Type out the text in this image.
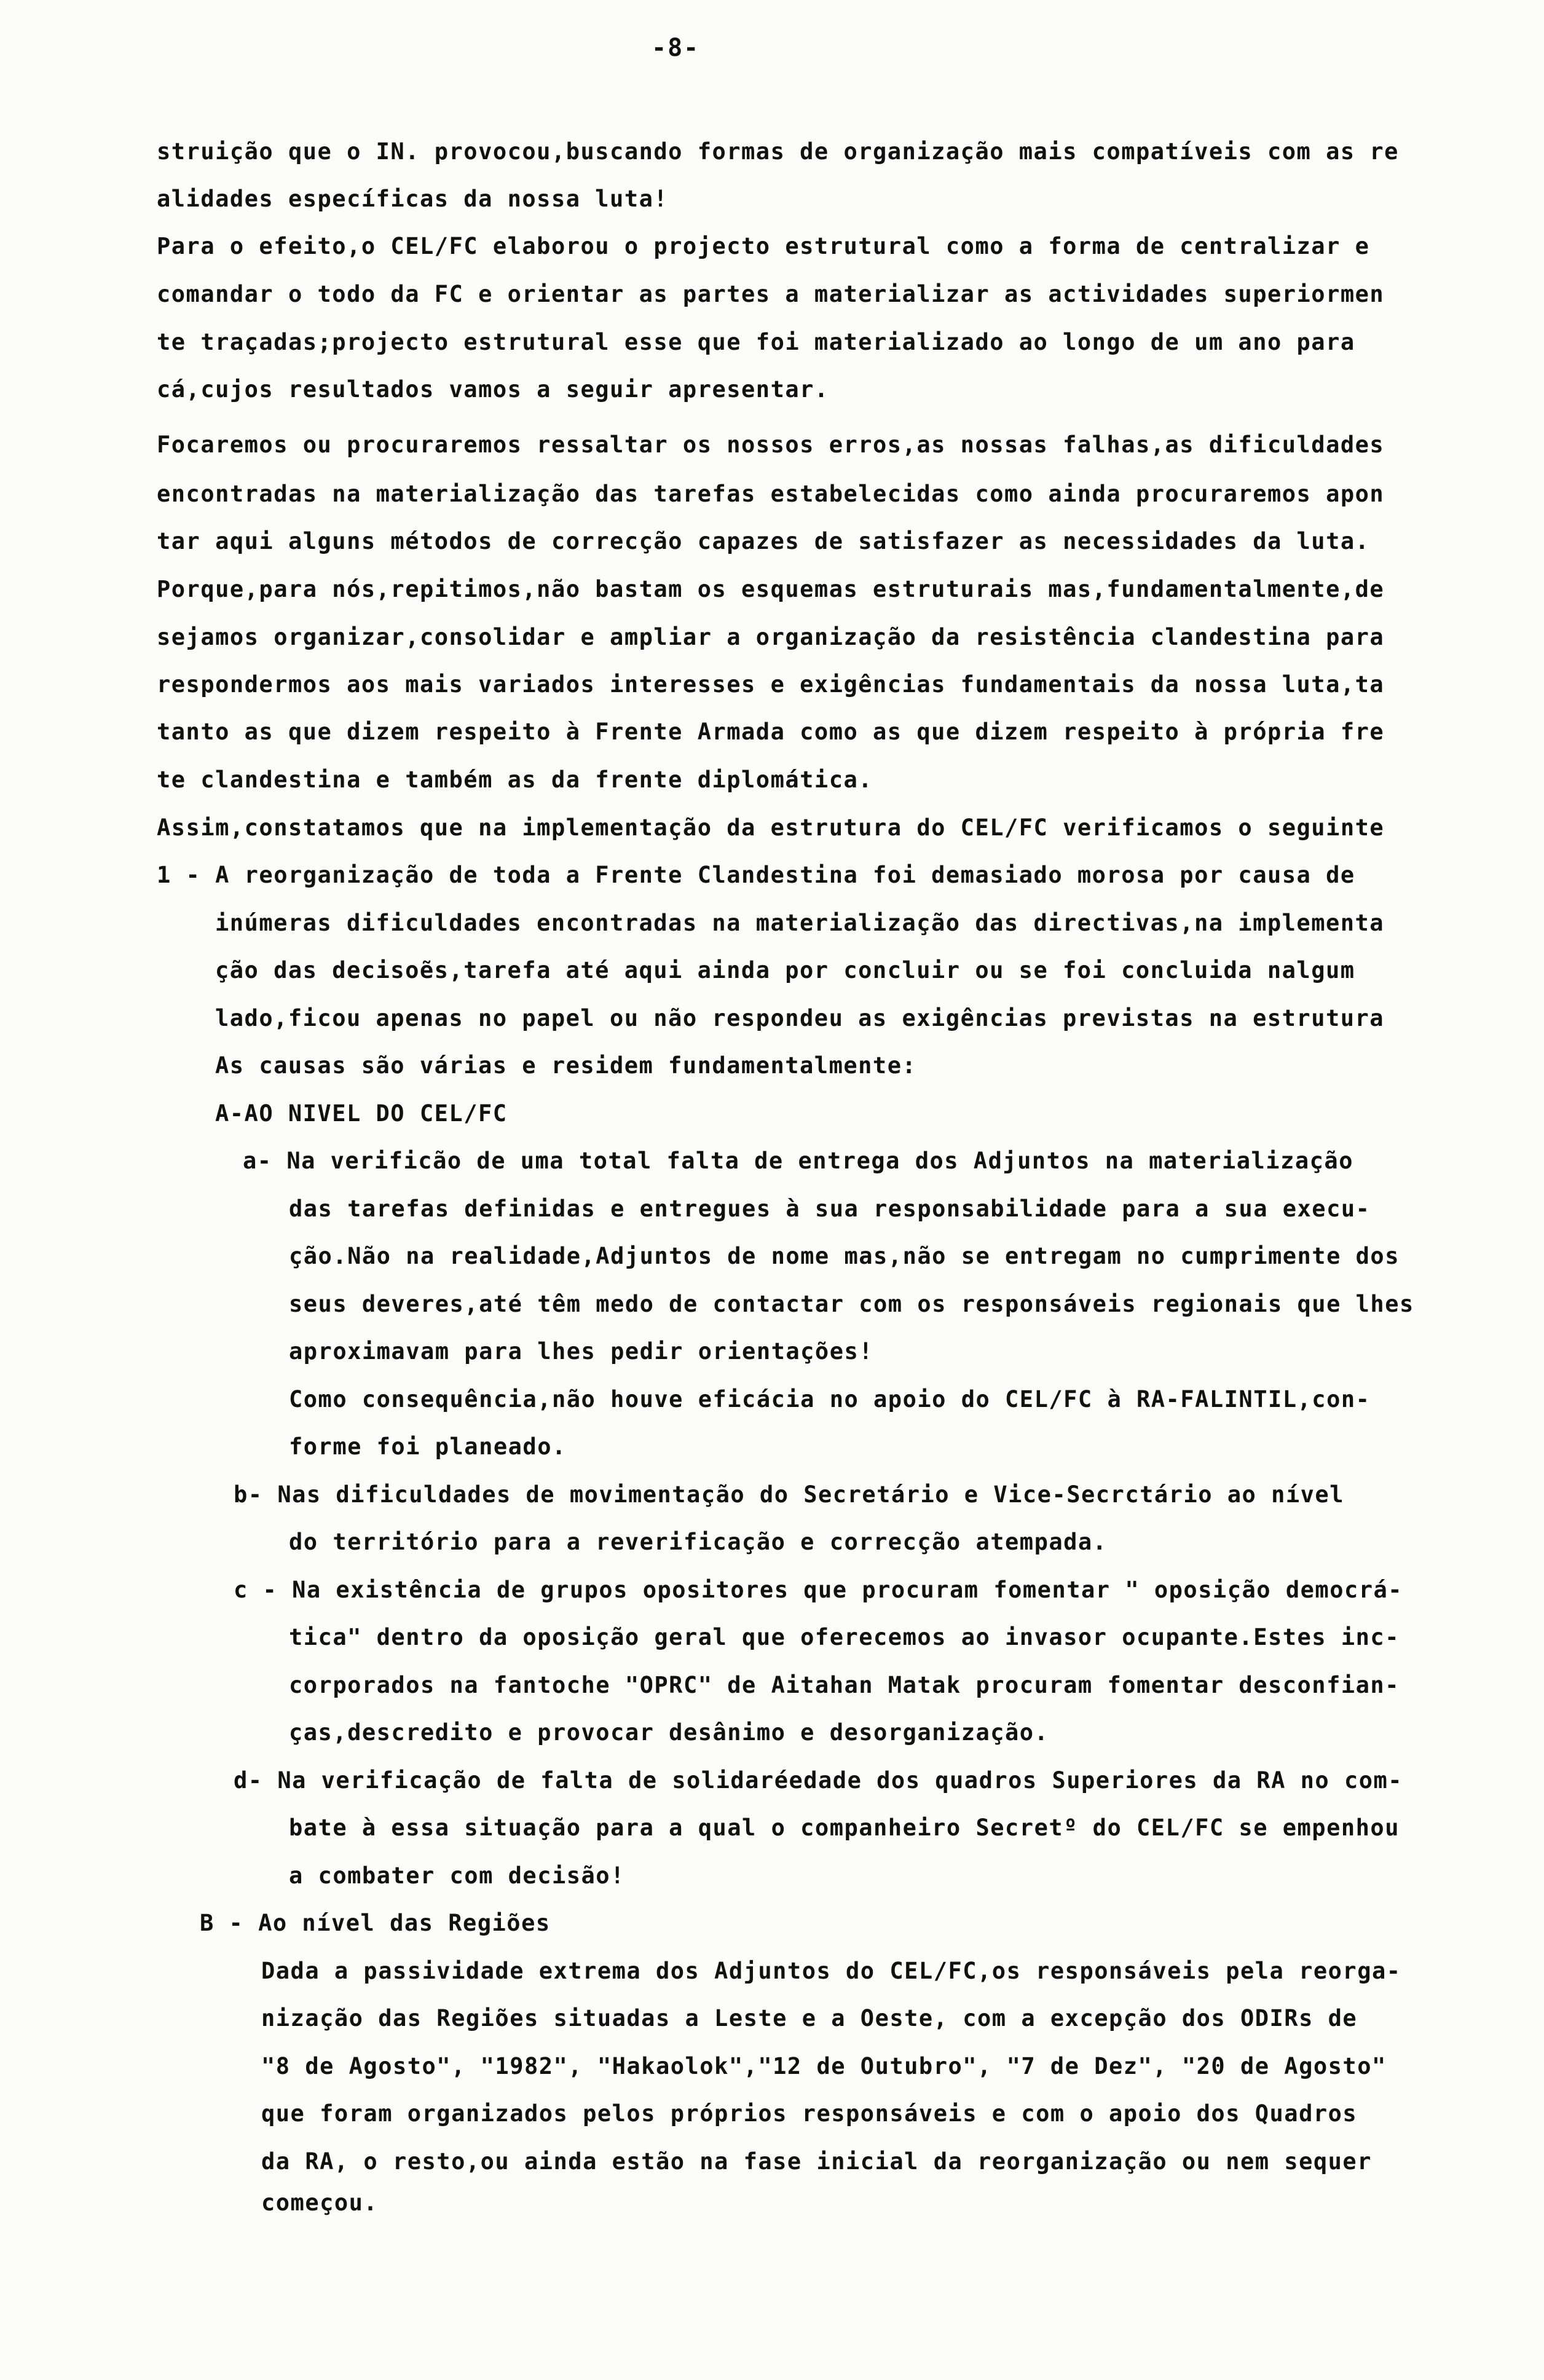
-8-
struição que o IN. provocou,buscando formas de organização mais compatíveis com as re
alidades específicas da nossa luta!
Para o efeito,o CEL/FC elaborou o projecto estrutural como a forma de centralizar e
comandar o todo da FC e orientar as partes a materializar as actividades superiormen
te traçadas;projecto estrutural esse que foi materializado ao longo de um ano para
cá,cujos resultados vamos a seguir apresentar.
Focaremos ou procuraremos ressaltar os nossos erros,as nossas falhas,as dificuldades
encontradas na materialização das tarefas estabelecidas como ainda procuraremos apon
tar aqui alguns métodos de correcção capazes de satisfazer as necessidades da luta.
Porque,para nós,repitimos,não bastam os esquemas estruturais mas,fundamentalmente,de
sejamos organizar,consolidar e ampliar a organização da resistência clandestina para
respondermos aos mais variados interesses e exigências fundamentais da nossa luta,ta
tanto as que dizem respeito à Frente Armada como as que dizem respeito à própria fre
te clandestina e também as da frente diplomática.
Assim,constatamos que na implementação da estrutura do CEL/FC verificamos o seguinte
1 - A reorganização de toda a Frente Clandestina foi demasiado morosa por causa de
inúmeras dificuldades encontradas na materialização das directivas,na implementa
ção das decisoẽs,tarefa até aqui ainda por concluir ou se foi concluida nalgum
lado,ficou apenas no papel ou não respondeu as exigências previstas na estrutura
As causas são várias e residem fundamentalmente:
A-AO NIVEL DO CEL/FC
a- Na verificão de uma total falta de entrega dos Adjuntos na materialização
das tarefas definidas e entregues à sua responsabilidade para a sua execu-
ção.Não na realidade,Adjuntos de nome mas,não se entregam no cumprimente dos
seus deveres,até têm medo de contactar com os responsáveis regionais que lhes
aproximavam para lhes pedir orientações!
Como consequência,não houve eficácia no apoio do CEL/FC à RA-FALINTIL,con-
forme foi planeado.
b- Nas dificuldades de movimentação do Secretário e Vice-Secrctário ao nível
do território para a reverificação e correcção atempada.
c - Na existência de grupos opositores que procuram fomentar " oposição democrá-
tica" dentro da oposição geral que oferecemos ao invasor ocupante.Estes inc-
corporados na fantoche "OPRC" de Aitahan Matak procuram fomentar desconfian-
ças,descredito e provocar desânimo e desorganização.
d- Na verificação de falta de solidaréedade dos quadros Superiores da RA no com-
bate à essa situação para a qual o companheiro Secretº do CEL/FC se empenhou
a combater com decisão!
B - Ao nível das Regiões
Dada a passividade extrema dos Adjuntos do CEL/FC,os responsáveis pela reorga-
nização das Regiões situadas a Leste e a Oeste, com a excepção dos ODIRs de
"8 de Agosto", "1982", "Hakaolok","12 de Outubro", "7 de Dez", "20 de Agosto"
que foram organizados pelos próprios responsáveis e com o apoio dos Quadros
da RA, o resto,ou ainda estão na fase inicial da reorganização ou nem sequer
começou.
